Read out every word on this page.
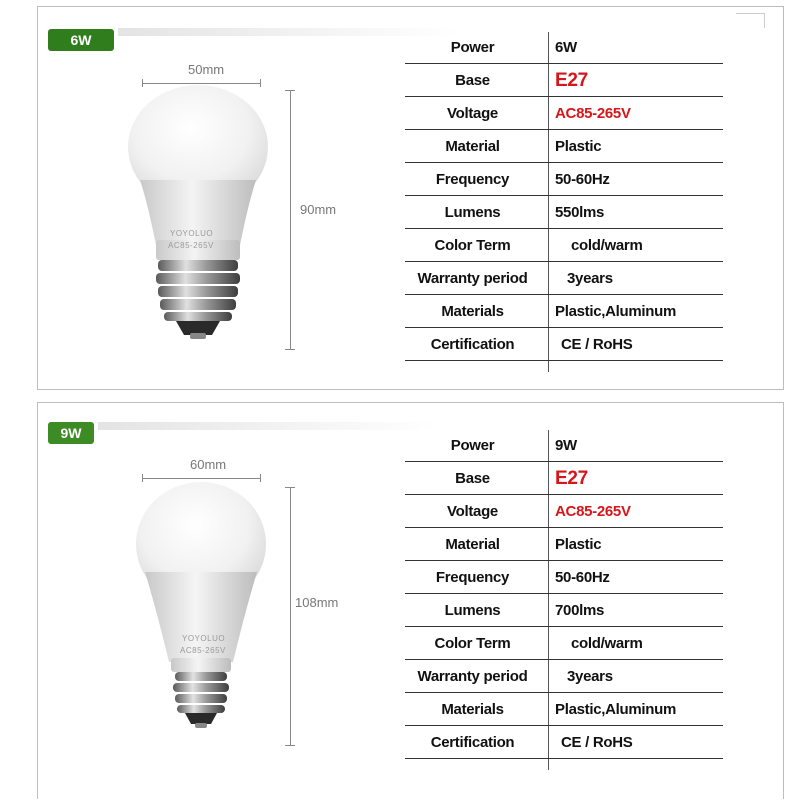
6W
50mm
90mm
YOYOLUO
AC85-265V
Power	6W
Base	E27
Voltage	AC85-265V
Material	Plastic
Frequency	50-60Hz
Lumens	550lms
Color Term	cold/warm
Warranty period	3years
Materials	Plastic,Aluminum
Certification	CE / RoHS
9W
60mm
108mm
YOYOLUO
AC85-265V
Power	9W
Base	E27
Voltage	AC85-265V
Material	Plastic
Frequency	50-60Hz
Lumens	700lms
Color Term	cold/warm
Warranty period	3years
Materials	Plastic,Aluminum
Certification	CE / RoHS
